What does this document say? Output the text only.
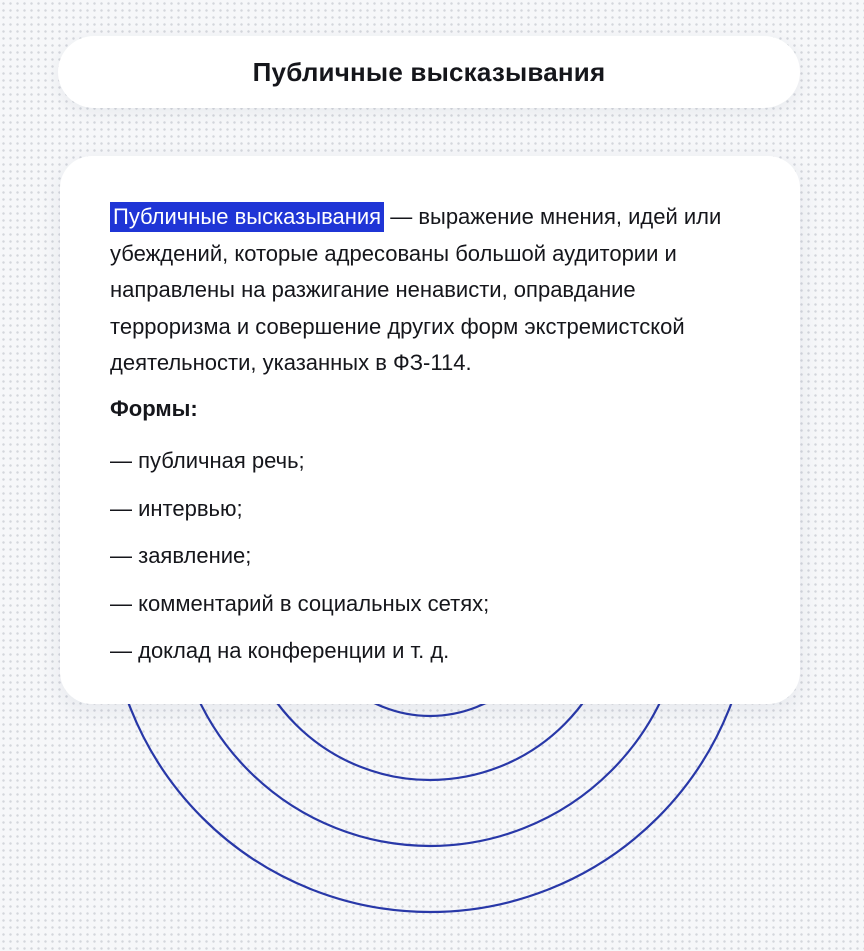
Публичные высказывания

Публичные высказывания — выражение мнения, идей или убеждений, которые адресованы большой аудитории и направлены на разжигание ненависти, оправдание терроризма и совершение других форм экстремистской деятельности, указанных в ФЗ-114.

Формы:
— публичная речь;
— интервью;
— заявление;
— комментарий в социальных сетях;
— доклад на конференции и т. д.
